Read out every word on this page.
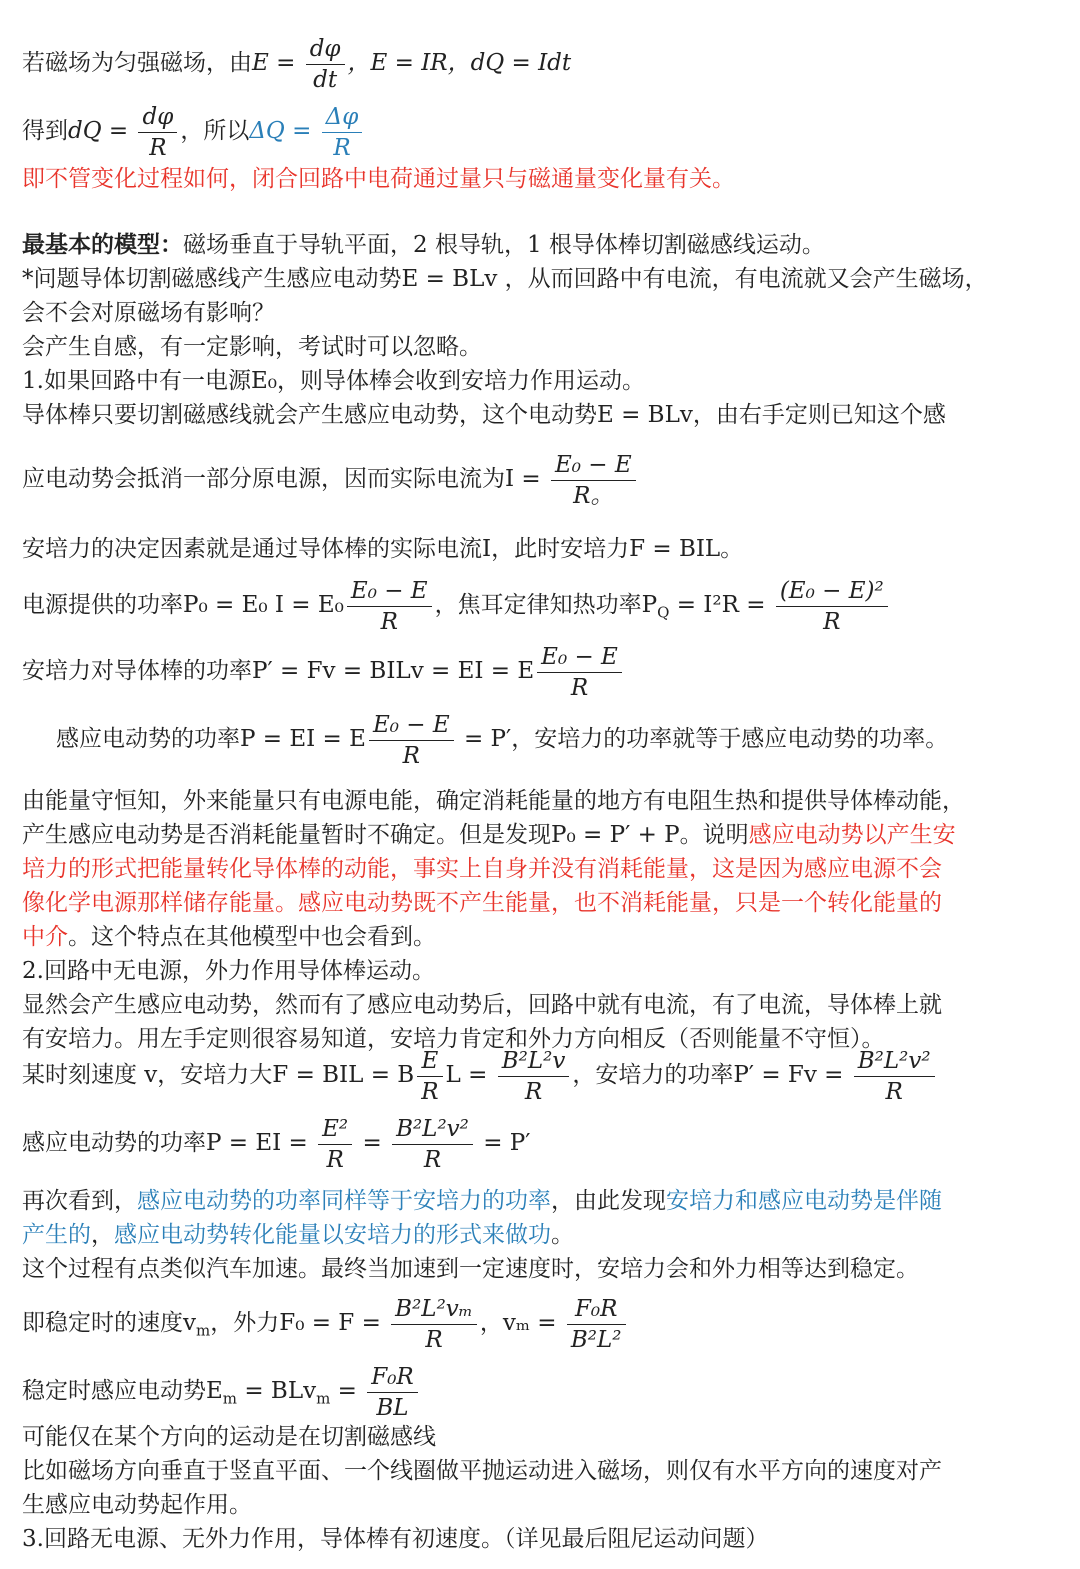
若磁场为匀强磁场，由$E = \frac{d\varphi}{dt}$ ，E = IR，dQ = Idt
得到dQ = $\frac{d\varphi}{R}$ ，所以$\Delta Q = \frac{\Delta\varphi}{R}$
即不管变化过程如何，闭合回路中电荷通过量只与磁通量变化量有关。
最基本的模型：磁场垂直于导轨平面，2 根导轨，1 根导体棒切割磁感线运动。
*问题导体切割磁感线产生感应电动势E = BLv ，从而回路中有电流，有电流就又会产生磁场，
会不会对原磁场有影响？
会产生自感，有一定影响，考试时可以忽略。
1.如果回路中有一电源E₀，则导体棒会收到安培力作用运动。
导体棒只要切割磁感线就会产生感应电动势，这个电动势E = BLv，由右手定则已知这个感
应电动势会抵消一部分原电源，因而实际电流为$I = \frac{\text{E₀ − E}}{R。}$
安培力的决定因素就是通过导体棒的实际电流I，此时安培力F = BIL。
电源提供的功率P₀ = E₀ $I = E_0 \frac{\text{E₀ − E}}{R}$ ，焦耳定律知热功率$P_Q = I^2R = \frac{\text{(E₀ − E)²}}{R}$
安培力对导体棒的功率P′ = Fv = BILv = EI = E $\frac{\text{E₀ − E}}{R}$
感应电动势的功率P = EI = E $\frac{\text{E₀ − E}}{R} = P'$，安培力的功率就等于感应电动势的功率。
由能量守恒知，外来能量只有电源电能，确定消耗能量的地方有电阻生热和提供导体棒动能，
产生感应电动势是否消耗能量暂时不确定。但是发现P₀ = P′ + P。说明感应电动势以产生安
培力的形式把能量转化导体棒的动能，事实上自身并没有消耗能量，这是因为感应电源不会
像化学电源那样储存能量。感应电动势既不产生能量，也不消耗能量，只是一个转化能量的
中介。这个特点在其他模型中也会看到。
2.回路中无电源，外力作用导体棒运动。
显然会产生感应电动势，然而有了感应电动势后，回路中就有电流，有了电流，导体棒上就
有安培力。用左手定则很容易知道，安培力肯定和外力方向相反（否则能量不守恒）。
某时刻速度 v，安培力大F = BIL = B $\frac{E}{R}$ $L = \frac{\text{B²L²v}}{R}$ ，安培力的功率$P' = Fv = \frac{\text{B²L²v²}}{R}$
感应电动势的功率P = EI = $\frac{\text{E²}}{R} = \frac{\text{B²L²v²}}{R} = P'$
再次看到，感应电动势的功率同样等于安培力的功率，由此发现安培力和感应电动势是伴随
产生的，感应电动势转化能量以安培力的形式来做功。
这个过程有点类似汽车加速。最终当加速到一定速度时，安培力会和外力相等达到稳定。
即稳定时的速度$v_m$，外力$F_0 = F = \frac{\text{B²L²vₘ}}{R}$ ，$v_m = \frac{\text{F₀R}}{\text{B²L²}}$
稳定时感应电动势$E_m = BLv_m = \frac{\text{F₀R}}{BL}$
可能仅在某个方向的运动是在切割磁感线
比如磁场方向垂直于竖直平面、一个线圈做平抛运动进入磁场，则仅有水平方向的速度对产
生感应电动势起作用。
3.回路无电源、无外力作用，导体棒有初速度。（详见最后阻尼运动问题）
